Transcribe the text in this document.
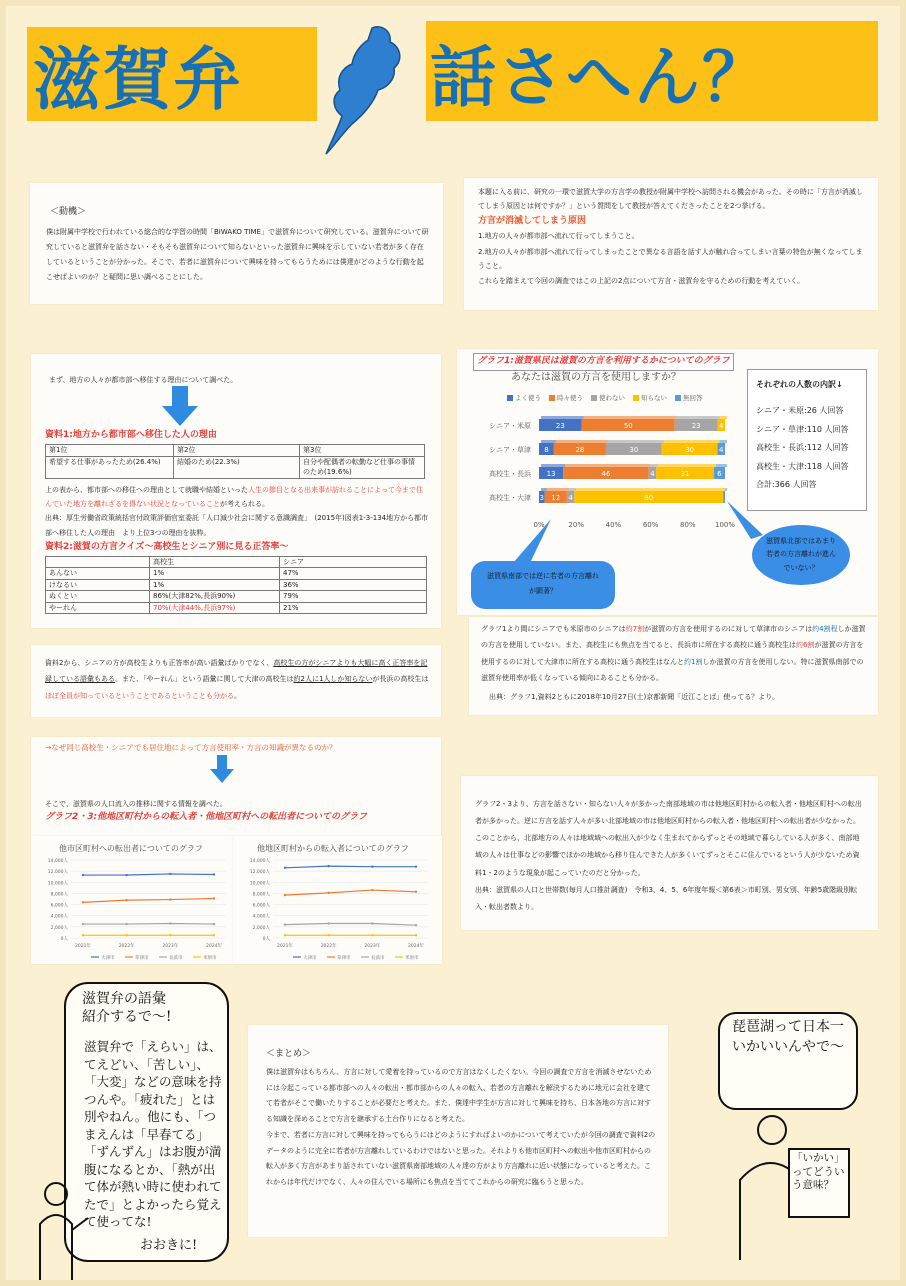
滋賀弁	話さへん？
＜動機＞
僕は附属中学校で行われている総合的な学習の時間「BIWAKO TIME」で滋賀弁について研究している。滋賀弁について研究していると滋賀弁を話さない・そもそも滋賀弁について知らないといった滋賀弁に興味を示していない若者が多く存在しているということが分かった。そこで、若者に滋賀弁について興味を持ってもらうためには僕達がどのような行動を起こせばよいのか？と疑問に思い調べることにした。
本題に入る前に、研究の一環で滋賀大学の方言学の教授が附属中学校へ訪問される機会があった。その時に「方言が消滅してしまう原因とは何ですか？」という質問をして教授が答えてくださったことを2つ挙げる。
方言が消滅してしまう原因
1.地方の人々が都市部へ流れて行ってしまうこと。
2.地方の人々が都市部へ流れて行ってしまったことで異なる言語を話す人が触れ合ってしまい言葉の特色が無くなってしまうこと。
これらを踏まえて今回の調査ではこの上記の2点について方言・滋賀弁を守るための行動を考えていく。
まず、地方の人々が都市部へ移住する理由について調べた。
資料1:地方から都市部へ移住した人の理由
第1位	第2位	第3位
希望する仕事があったため(26.4%)	結婚のため(22.3%)	自分や配偶者の転勤など仕事の事情のため(19.6%)
上の表から、都市部への移住への理由として就職や結婚といった人生の節目となる出来事が訪れることによって今まで住んでいた地方を離れざるを得ない状況となっていることが考えられる。
出典：厚生労働省政策統括官付政策評価官室委託「人口減少社会に関する意識調査」　(2015年)図表1-3-134地方から都市部へ移住した人の理由　より上位3つの理由を抜粋。
資料2:滋賀の方言クイズ〜高校生とシニア別に見る正答率〜
	高校生	シニア
あんない	1%	47%
けなるい	1%	36%
ぬくとい	86%(大津82%,長浜90%)	79%
やーれん	70%(大津44%,長浜97%)	21%
資料2から、シニアの方が高校生よりも正答率が高い語彙ばかりでなく、高校生の方がシニアよりも大幅に高く正答率を記録している語彙もある。また、「やーれん」という語彙に関して大津の高校生は約2人に1人しか知らないが長浜の高校生はほぼ全員が知っているということであるということも分かる。
グラフ1:滋賀県民は滋賀の方言を利用するかについてのグラフ
あなたは滋賀の方言を使用しますか？
よく使う 時々使う 使わない 知らない 無回答
シニア・米原	23	50	23	4
シニア・草津 8	28	30	30	4
高校生・長浜 13	46	4	31	6
高校生・大津 3 12 4	80
0%	20%	40%	60%	80%	100%
それぞれの人数の内訳↓
シニア・米原:26 人回答
シニア・草津:110 人回答
高校生・長浜:112 人回答
高校生・大津:118 人回答
合計:366 人回答
滋賀県北部ではあまり若者の方言離れが進んでいない？
滋賀県南部では逆に若者の方言離れが顕著？
グラフ1より間にシニアでも米原市のシニアは約7割が滋賀の方言を使用するのに対して草津市のシニアは約4割程しか滋賀の方言を使用していない。また、高校生にも焦点を当てると、長浜市に所在する高校に通う高校生は約6割が滋賀の方言を使用するのに対して大津市に所在する高校に通う高校生はなんと約1割しか滋賀の方言を使用しない。特に滋賀県南部での滋賀弁使用率が低くなっている傾向にあることも分かる。
出典：グラフ1,資料2ともに2018年10月27日(土)京都新聞「近江ことば」使ってる？より。
→なぜ同じ高校生・シニアでも居住地によって方言使用率・方言の知識が異なるのか？
そこで、滋賀県の人口流入の推移に関する情報を調べた。
グラフ2・3:他地区町村からの転入者・他地区町村への転出者についてのグラフ
他市区町村への転出者についてのグラフ
0人
2,000人
4,000人
6,000人
8,000人
10,000人
12,000人
14,000人
2021年	2022年	2023年	2024年
大津市	草津市	長浜市	米原市
他地区町村からの転入者についてのグラフ
0人
2,000人
4,000人
6,000人
8,000人
10,000人
12,000人
14,000人
2021年	2022年	2023年	2024年
大津市	草津市	長浜市	米原市
グラフ2・3より、方言を話さない・知らない人々が多かった南部地域の市は他地区町村からの転入者・他地区町村への転出者が多かった。逆に方言を話す人々が多い北部地域の市は他地区町村からの転入者・他地区町村への転出者が少なかった。このことから、北部地方の人々は地域域への転出入が少なく生まれてからずっとその地域で暮らしている人が多く、南部地域の人々は仕事などの影響でほかの地域から移り住んできた人が多くいてずっとそこに住んでいるという人が少ないため資料1・2のような現象が起こっていたのだと分かった。
出典：滋賀県の人口と世帯数(毎月人口推計調査)　令和3、4、5、6年度年報＜第6表＞市町別、男女別、年齢5歳階級別転入・転出者数より。
＜まとめ＞
僕は滋賀弁はもちろん、方言に対して愛着を持っているので方言はなくしたくない。今回の調査で方言を消滅させないためには今起こっている都市部への人々の転出・都市部からの人々の転入、若者の方言離れを解決するために地元に会社を建てて若者がそこで働いたりすることが必要だと考えた。また、僕達中学生が方言に対して興味を持ち、日本各地の方言に対する知識を深めることで方言を継承する土台作りになると考えた。
今まで、若者に方言に対して興味を持ってもらうにはどのようにすればよいのかについて考えていたが今回の調査で資料2のデータのように完全に若者が方言離れしているわけではないと思った。それよりも他市区町村への転出や他市区町村からの転入が多く方言があまり話されていない滋賀県南部地域の人々達の方がより方言離れに近い状態になっていると考えた。これからは年代だけでなく、人々の住んでいる場所にも焦点を当ててこれからの研究に臨もうと思った。
滋賀弁の語彙
紹介するで〜!
滋賀弁で「えらい」は、てえどい、「苦しい」、「大変」などの意味を持つんや。「疲れた」とは別やねん。他にも、「つまえんは「早春てる」「ずんずん」はお腹が満腹になるとか、「熱が出て体が熱い時に使われてたで」とよかったら覚えて使ってな!
おおきに!
琵琶湖って日本一いかいいんやで〜
「いかい」ってどういう意味？
